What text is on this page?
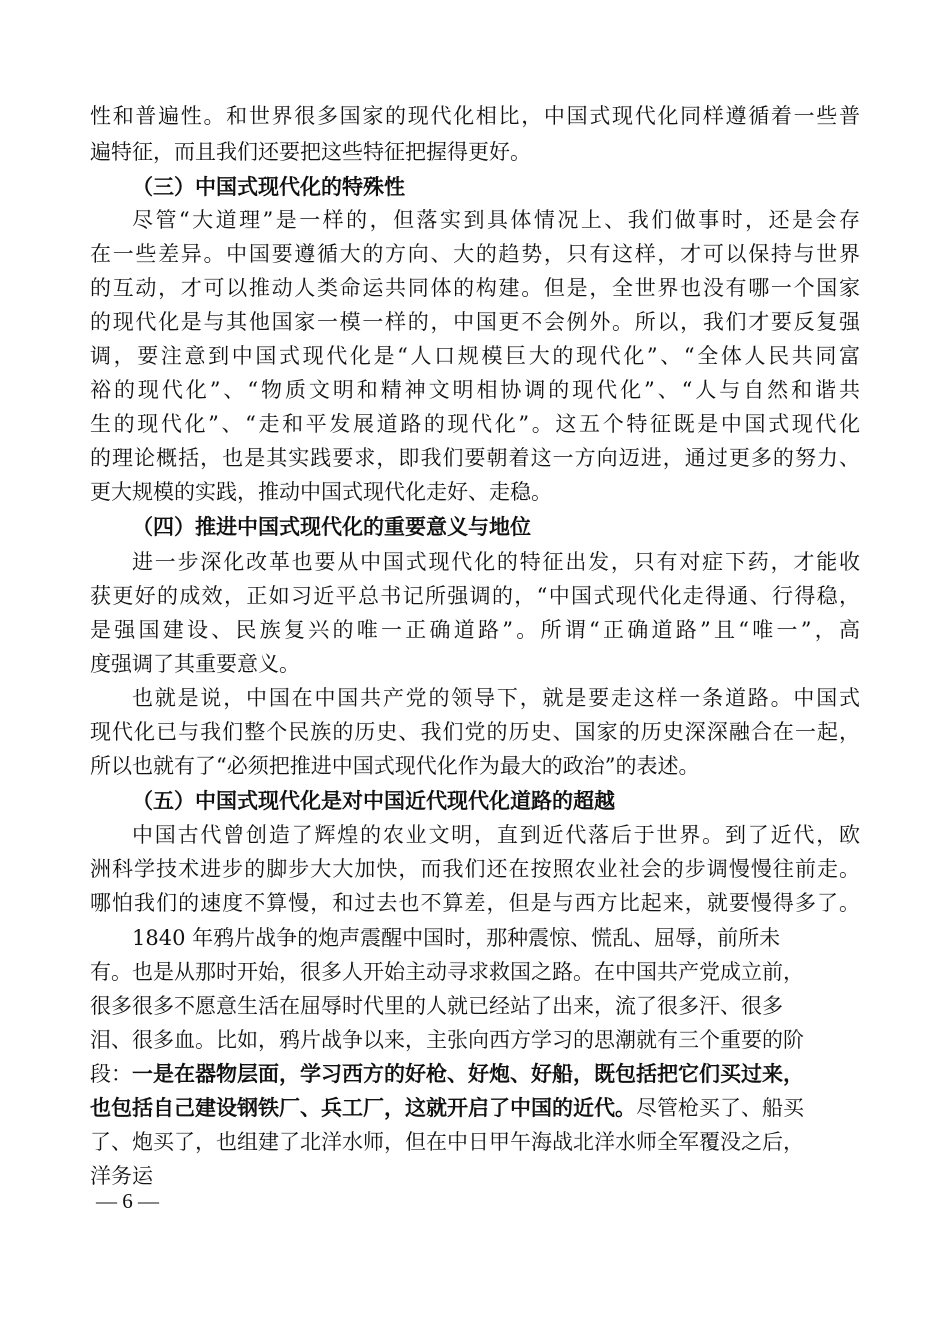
性和普遍性。和世界很多国家的现代化相比，中国式现代化同样遵循着一些普
遍特征，而且我们还要把这些特征把握得更好。
（三）中国式现代化的特殊性
尽管“大道理”是一样的，但落实到具体情况上、我们做事时，还是会存
在一些差异。中国要遵循大的方向、大的趋势，只有这样，才可以保持与世界
的互动，才可以推动人类命运共同体的构建。但是，全世界也没有哪一个国家
的现代化是与其他国家一模一样的，中国更不会例外。所以，我们才要反复强
调，要注意到中国式现代化是“人口规模巨大的现代化”、“全体人民共同富
裕的现代化”、“物质文明和精神文明相协调的现代化”、“人与自然和谐共
生的现代化”、“走和平发展道路的现代化”。这五个特征既是中国式现代化
的理论概括，也是其实践要求，即我们要朝着这一方向迈进，通过更多的努力、
更大规模的实践，推动中国式现代化走好、走稳。
（四）推进中国式现代化的重要意义与地位
进一步深化改革也要从中国式现代化的特征出发，只有对症下药，才能收
获更好的成效，正如习近平总书记所强调的，“中国式现代化走得通、行得稳，
是强国建设、民族复兴的唯一正确道路”。所谓“正确道路”且“唯一”，高
度强调了其重要意义。
也就是说，中国在中国共产党的领导下，就是要走这样一条道路。中国式
现代化已与我们整个民族的历史、我们党的历史、国家的历史深深融合在一起，
所以也就有了“必须把推进中国式现代化作为最大的政治”的表述。
（五）中国式现代化是对中国近代现代化道路的超越
中国古代曾创造了辉煌的农业文明，直到近代落后于世界。到了近代，欧
洲科学技术进步的脚步大大加快，而我们还在按照农业社会的步调慢慢往前走。
哪怕我们的速度不算慢，和过去也不算差，但是与西方比起来，就要慢得多了。
1840 年鸦片战争的炮声震醒中国时，那种震惊、慌乱、屈辱，前所未
有。也是从那时开始，很多人开始主动寻求救国之路。在中国共产党成立前，
很多很多不愿意生活在屈辱时代里的人就已经站了出来，流了很多汗、很多
泪、很多血。比如，鸦片战争以来，主张向西方学习的思潮就有三个重要的阶
段：一是在器物层面，学习西方的好枪、好炮、好船，既包括把它们买过来，
也包括自己建设钢铁厂、兵工厂，这就开启了中国的近代。尽管枪买了、船买
了、炮买了，也组建了北洋水师，但在中日甲午海战北洋水师全军覆没之后，
洋务运
— 6 —
